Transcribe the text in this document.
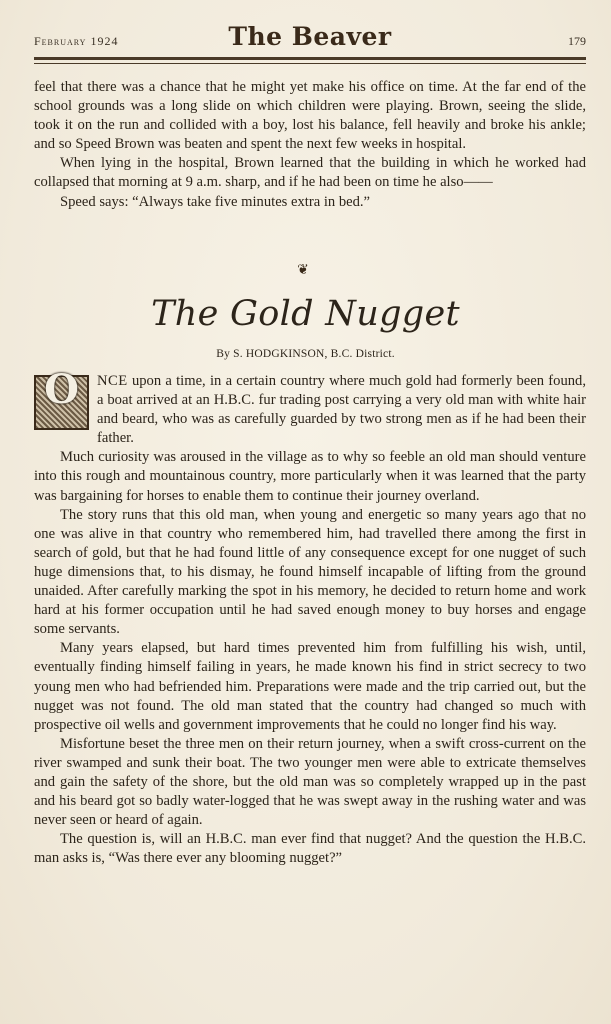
February 1924	The Beaver	179

feel that there was a chance that he might yet make his office on time. At the far end of the school grounds was a long slide on which children were playing. Brown, seeing the slide, took it on the run and collided with a boy, lost his balance, fell heavily and broke his ankle; and so Speed Brown was beaten and spent the next few weeks in hospital.

When lying in the hospital, Brown learned that the building in which he worked had collapsed that morning at 9 a.m. sharp, and if he had been on time he also——

Speed says: “Always take five minutes extra in bed.”

❦
The Gold Nugget
By S. HODGKINSON, B.C. District.

O	NCE upon a time, in a certain country where much gold had formerly been found, a boat arrived at an H.B.C. fur trading post carrying a very old man with white hair and beard, who was as carefully guarded by two strong men as if he had been their father.

Much curiosity was aroused in the village as to why so feeble an old man should venture into this rough and mountainous country, more particularly when it was learned that the party was bargaining for horses to enable them to continue their journey overland.

The story runs that this old man, when young and energetic so many years ago that no one was alive in that country who remembered him, had travelled there among the first in search of gold, but that he had found little of any consequence except for one nugget of such huge dimensions that, to his dismay, he found himself incapable of lifting from the ground unaided. After carefully marking the spot in his memory, he decided to return home and work hard at his former occupation until he had saved enough money to buy horses and engage some servants.

Many years elapsed, but hard times prevented him from fulfilling his wish, until, eventually finding himself failing in years, he made known his find in strict secrecy to two young men who had befriended him. Preparations were made and the trip carried out, but the nugget was not found. The old man stated that the country had changed so much with prospective oil wells and government improvements that he could no longer find his way.

Misfortune beset the three men on their return journey, when a swift cross-current on the river swamped and sunk their boat. The two younger men were able to extricate themselves and gain the safety of the shore, but the old man was so completely wrapped up in the past and his beard got so badly water-logged that he was swept away in the rushing water and was never seen or heard of again.

The question is, will an H.B.C. man ever find that nugget? And the question the H.B.C. man asks is, “Was there ever any blooming nugget?”
